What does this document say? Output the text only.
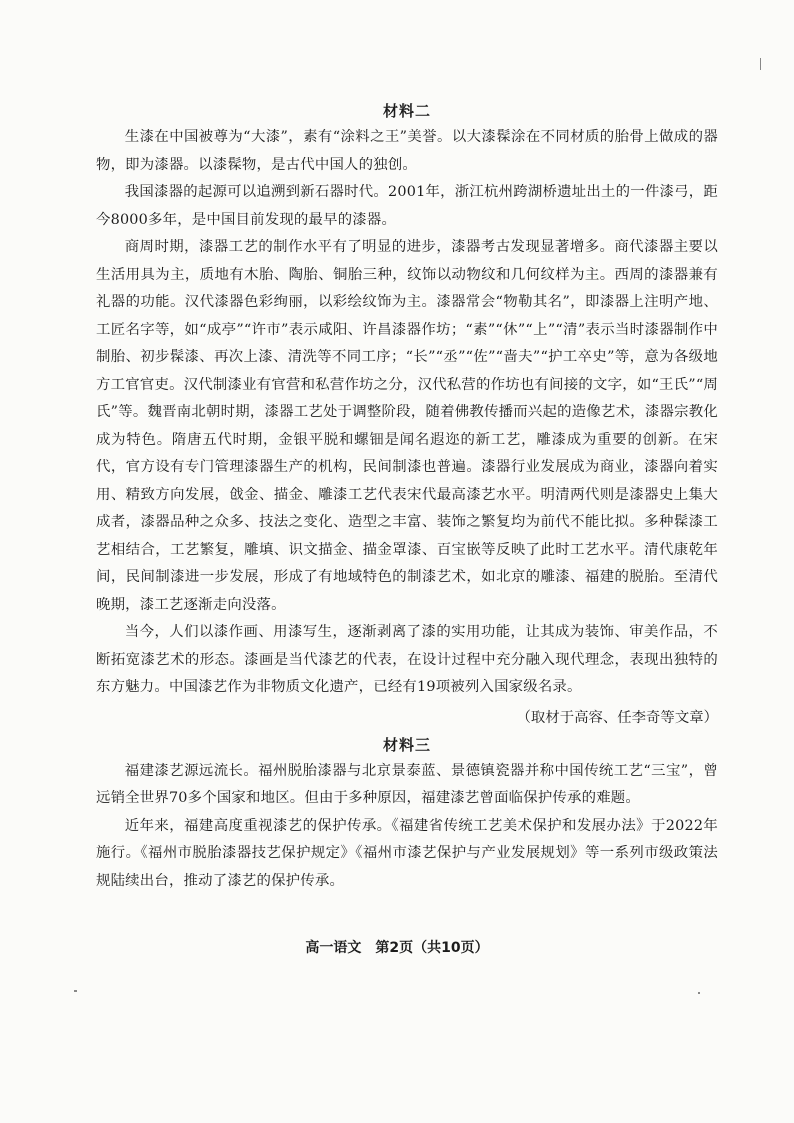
材料二

生漆在中国被尊为“大漆”，素有“涂料之王”美誉。以大漆髹涂在不同材质的胎骨上做成的器物，即为漆器。以漆髹物，是古代中国人的独创。

我国漆器的起源可以追溯到新石器时代。2001年，浙江杭州跨湖桥遗址出土的一件漆弓，距今8000多年，是中国目前发现的最早的漆器。

商周时期，漆器工艺的制作水平有了明显的进步，漆器考古发现显著增多。商代漆器主要以生活用具为主，质地有木胎、陶胎、铜胎三种，纹饰以动物纹和几何纹样为主。西周的漆器兼有礼器的功能。汉代漆器色彩绚丽，以彩绘纹饰为主。漆器常会“物勒其名”，即漆器上注明产地、工匠名字等，如“成亭”“许市”表示咸阳、许昌漆器作坊；“素”“休”“上”“清”表示当时漆器制作中制胎、初步髹漆、再次上漆、清洗等不同工序；“长”“丞”“佐”“啬夫”“护工卒史”等，意为各级地方工官官吏。汉代制漆业有官营和私营作坊之分，汉代私营的作坊也有间接的文字，如“王氏”“周氏”等。魏晋南北朝时期，漆器工艺处于调整阶段，随着佛教传播而兴起的造像艺术，漆器宗教化成为特色。隋唐五代时期，金银平脱和螺钿是闻名遐迩的新工艺，雕漆成为重要的创新。在宋代，官方设有专门管理漆器生产的机构，民间制漆也普遍。漆器行业发展成为商业，漆器向着实用、精致方向发展，戗金、描金、雕漆工艺代表宋代最高漆艺水平。明清两代则是漆器史上集大成者，漆器品种之众多、技法之变化、造型之丰富、装饰之繁复均为前代不能比拟。多种髹漆工艺相结合，工艺繁复，雕填、识文描金、描金罩漆、百宝嵌等反映了此时工艺水平。清代康乾年间，民间制漆进一步发展，形成了有地域特色的制漆艺术，如北京的雕漆、福建的脱胎。至清代晚期，漆工艺逐渐走向没落。

当今，人们以漆作画、用漆写生，逐渐剥离了漆的实用功能，让其成为装饰、审美作品，不断拓宽漆艺术的形态。漆画是当代漆艺的代表，在设计过程中充分融入现代理念，表现出独特的东方魅力。中国漆艺作为非物质文化遗产，已经有19项被列入国家级名录。

（取材于高容、任李奇等文章）
材料三

福建漆艺源远流长。福州脱胎漆器与北京景泰蓝、景德镇瓷器并称中国传统工艺“三宝”，曾远销全世界70多个国家和地区。但由于多种原因，福建漆艺曾面临保护传承的难题。

近年来，福建高度重视漆艺的保护传承。《福建省传统工艺美术保护和发展办法》于2022年施行。《福州市脱胎漆器技艺保护规定》《福州市漆艺保护与产业发展规划》等一系列市级政策法规陆续出台，推动了漆艺的保护传承。

高一语文　第2页（共10页）
